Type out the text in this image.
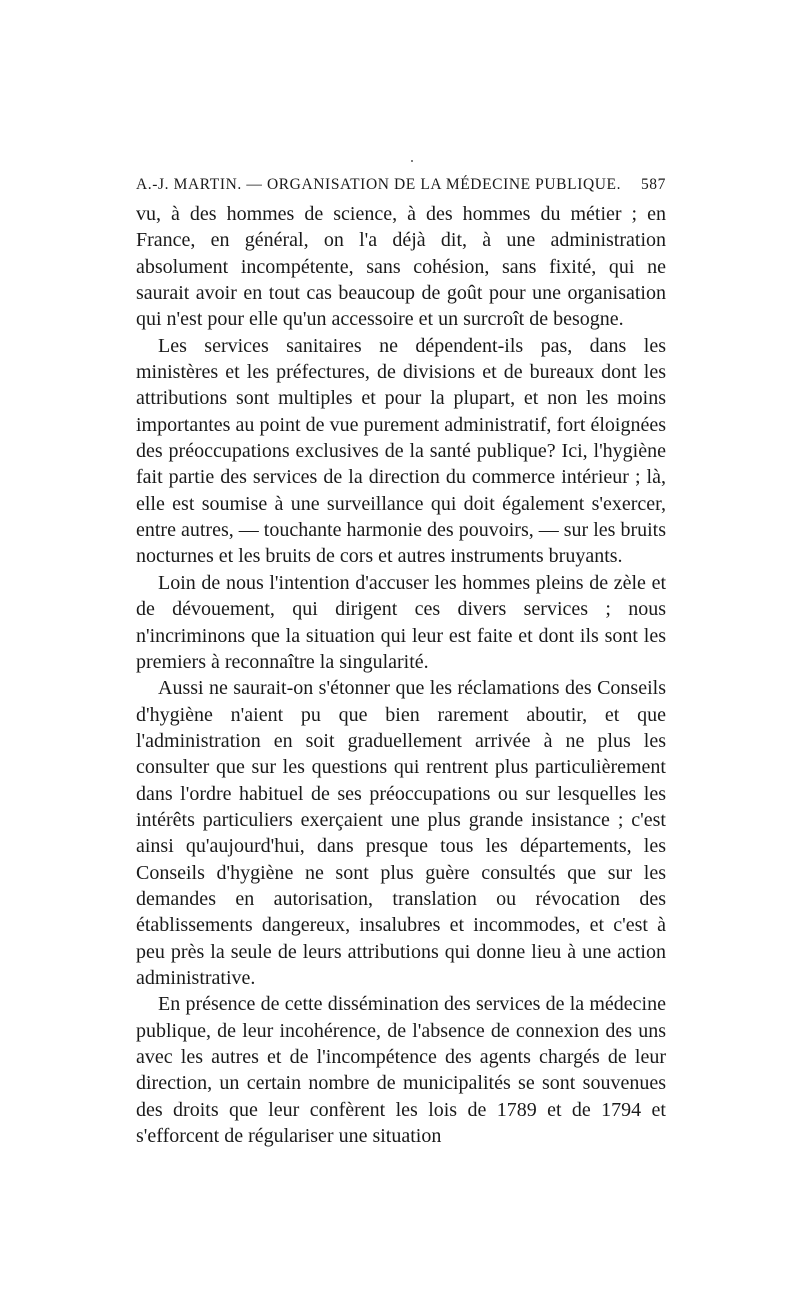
A.-J. MARTIN. — ORGANISATION DE LA MÉDECINE PUBLIQUE. 587

vu, à des hommes de science, à des hommes du métier ; en France, en général, on l'a déjà dit, à une administration absolument incompétente, sans cohésion, sans fixité, qui ne saurait avoir en tout cas beaucoup de goût pour une organisation qui n'est pour elle qu'un accessoire et un surcroît de besogne.

Les services sanitaires ne dépendent-ils pas, dans les ministères et les préfectures, de divisions et de bureaux dont les attributions sont multiples et pour la plupart, et non les moins importantes au point de vue purement administratif, fort éloignées des préoccupations exclusives de la santé publique? Ici, l'hygiène fait partie des services de la direction du commerce intérieur ; là, elle est soumise à une surveillance qui doit également s'exercer, entre autres, — touchante harmonie des pouvoirs, — sur les bruits nocturnes et les bruits de cors et autres instruments bruyants.

Loin de nous l'intention d'accuser les hommes pleins de zèle et de dévouement, qui dirigent ces divers services ; nous n'incriminons que la situation qui leur est faite et dont ils sont les premiers à reconnaître la singularité.

Aussi ne saurait-on s'étonner que les réclamations des Conseils d'hygiène n'aient pu que bien rarement aboutir, et que l'administration en soit graduellement arrivée à ne plus les consulter que sur les questions qui rentrent plus particulièrement dans l'ordre habituel de ses préoccupations ou sur lesquelles les intérêts particuliers exerçaient une plus grande insistance ; c'est ainsi qu'aujourd'hui, dans presque tous les départements, les Conseils d'hygiène ne sont plus guère consultés que sur les demandes en autorisation, translation ou révocation des établissements dangereux, insalubres et incommodes, et c'est à peu près la seule de leurs attributions qui donne lieu à une action administrative.

En présence de cette dissémination des services de la médecine publique, de leur incohérence, de l'absence de connexion des uns avec les autres et de l'incompétence des agents chargés de leur direction, un certain nombre de municipalités se sont souvenues des droits que leur confèrent les lois de 1789 et de 1794 et s'efforcent de régulariser une situation
